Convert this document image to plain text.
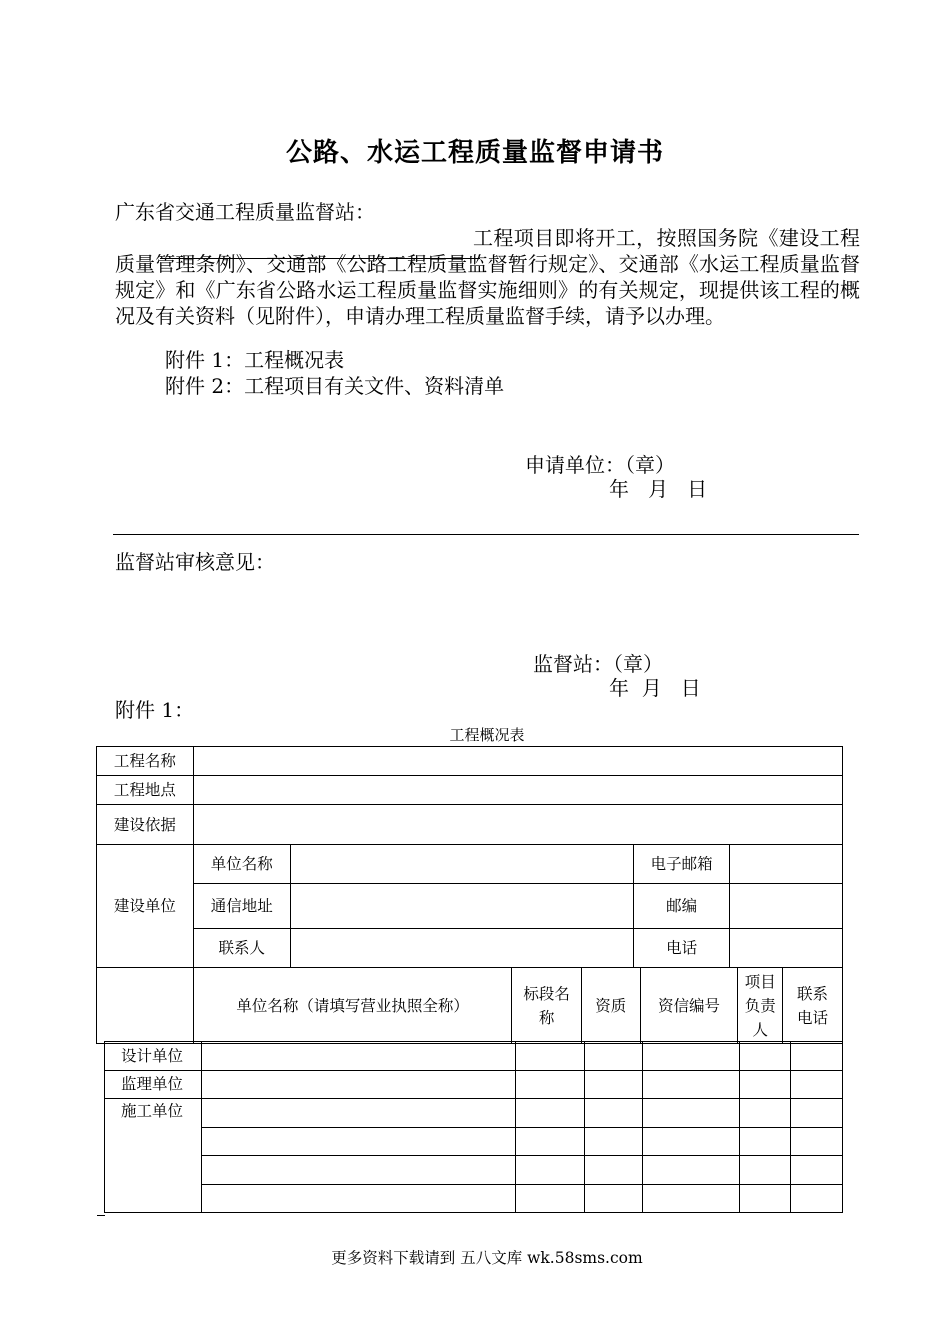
公路、水运工程质量监督申请书
广东省交通工程质量监督站：
工程项目即将开工，按照国务院《建设工程质量管理条例》、交通部《公路工程质量监督暂行规定》、交通部《水运工程质量监督规定》和《广东省公路水运工程质量监督实施细则》的有关规定，现提供该工程的概况及有关资料（见附件），申请办理工程质量监督手续，请予以办理。
附件 1：工程概况表
附件 2：工程项目有关文件、资料清单
申请单位：（章）
年   月   日
监督站审核意见：
监督站：（章）
年  月   日
附件 1：
工程概况表
工程名称	
工程地点	
建设依据	
建设单位	单位名称		电子邮箱	
通信地址		邮编	
联系人		电话	

单位名称（请填写营业执照全称）	标段名称	资质	资信编号	项目负责人	联系电话
设计单位						
监理单位						
施工单位						

更多资料下载请到 五八文库 wk.58sms.com
